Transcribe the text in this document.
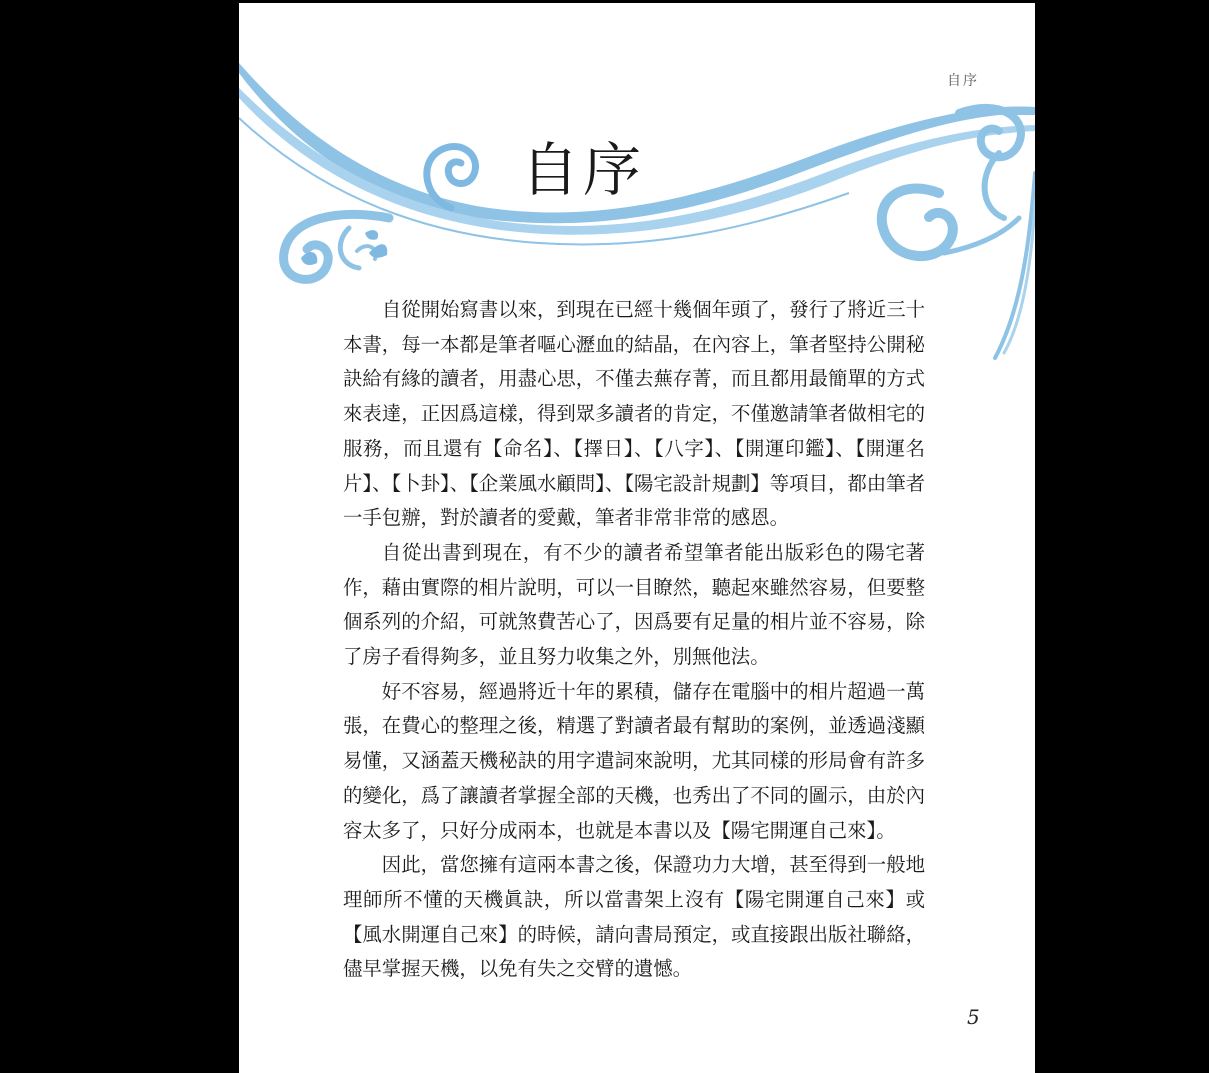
自序
自序

自從開始寫書以來，到現在已經十幾個年頭了，發行了將近三十本書，每一本都是筆者嘔心瀝血的結晶，在內容上，筆者堅持公開秘訣給有緣的讀者，用盡心思，不僅去蕪存菁，而且都用最簡單的方式來表達，正因爲這樣，得到眾多讀者的肯定，不僅邀請筆者做相宅的服務，而且還有【命名】、【擇日】、【八字】、【開運印鑑】、【開運名片】、【卜卦】、【企業風水顧問】、【陽宅設計規劃】等項目，都由筆者一手包辦，對於讀者的愛戴，筆者非常非常的感恩。

自從出書到現在，有不少的讀者希望筆者能出版彩色的陽宅著作，藉由實際的相片說明，可以一目瞭然，聽起來雖然容易，但要整個系列的介紹，可就煞費苦心了，因爲要有足量的相片並不容易，除了房子看得夠多，並且努力收集之外，別無他法。

好不容易，經過將近十年的累積，儲存在電腦中的相片超過一萬張，在費心的整理之後，精選了對讀者最有幫助的案例，並透過淺顯易懂，又涵蓋天機秘訣的用字遣詞來說明，尤其同樣的形局會有許多的變化，爲了讓讀者掌握全部的天機，也秀出了不同的圖示，由於內容太多了，只好分成兩本，也就是本書以及【陽宅開運自己來】。

因此，當您擁有這兩本書之後，保證功力大增，甚至得到一般地理師所不懂的天機眞訣，所以當書架上沒有【陽宅開運自己來】或【風水開運自己來】的時候，請向書局預定，或直接跟出版社聯絡，儘早掌握天機，以免有失之交臂的遺憾。

5
